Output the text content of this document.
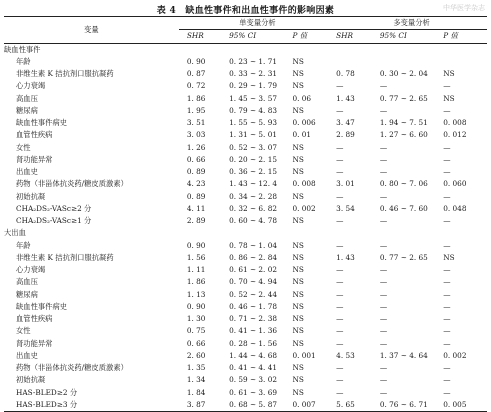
表 4　缺血性事件和出血性事件的影响因素	中华医学杂志
变量	单变量分析			多变量分析		
	SHR	95% CI	P 值	SHR	95% CI	P 值
缺血性事件						
年龄	0. 90	0. 23 ~ 1. 71	NS			
非维生素 K 拮抗剂口服抗凝药	0. 87	0. 33 ~ 2. 31	NS	0. 78	0. 30 ~ 2. 04	NS
心力衰竭	0. 72	0. 29 ~ 1. 79	NS	—	—	—
高血压	1. 86	1. 45 ~ 3. 57	0. 06	1. 43	0. 77 ~ 2. 65	NS
糖尿病	1. 95	0. 79 ~ 4. 83	NS	—	—	—
缺血性事件病史	3. 51	1. 55 ~ 5. 93	0. 006	3. 47	1. 94 ~ 7. 51	0. 008
血管性疾病	3. 03	1. 31 ~ 5. 01	0. 01	2. 89	1. 27 ~ 6. 60	0. 012
女性	1. 26	0. 52 ~ 3. 07	NS	—	—	—
肾功能异常	0. 66	0. 20 ~ 2. 15	NS	—	—	—
出血史	0. 89	0. 36 ~ 2. 15	NS	—	—	—
药物（非甾体抗炎药/糖皮质激素）	4. 23	1. 43 ~ 12. 4	0. 008	3. 01	0. 80 ~ 7. 06	0. 060
初始抗凝	0. 89	0. 34 ~ 2. 28	NS	—	—	—
CHA₂DS₂-VASc≥2 分	4. 11	0. 32 ~ 6. 82	0. 002	3. 54	0. 46 ~ 7. 60	0. 048
CHA₂DS₂-VASc≥1 分	2. 89	0. 60 ~ 4. 78	NS	—	—	—
大出血						
年龄	0. 90	0. 78 ~ 1. 04	NS	—	—	—
非维生素 K 拮抗剂口服抗凝药	1. 56	0. 86 ~ 2. 84	NS	1. 43	0. 77 ~ 2. 65	NS
心力衰竭	1. 11	0. 61 ~ 2. 02	NS	—	—	—
高血压	1. 86	0. 70 ~ 4. 94	NS	—	—	—
糖尿病	1. 13	0. 52 ~ 2. 44	NS	—	—	—
缺血性事件病史	0. 90	0. 46 ~ 1. 78	NS	—	—	—
血管性疾病	1. 30	0. 71 ~ 2. 38	NS	—	—	—
女性	0. 75	0. 41 ~ 1. 36	NS	—	—	—
肾功能异常	0. 66	0. 28 ~ 1. 56	NS	—	—	—
出血史	2. 60	1. 44 ~ 4. 68	0. 001	4. 53	1. 37 ~ 4. 64	0. 002
药物（非甾体抗炎药/糖皮质激素）	1. 35	0. 41 ~ 4. 41	NS	—	—	—
初始抗凝	1. 34	0. 59 ~ 3. 02	NS	—	—	—
HAS-BLED≥2 分	1. 84	0. 61 ~ 3. 69	NS	—	—	—
HAS-BLED≥3 分	3. 87	0. 68 ~ 5. 87	0. 007	5. 65	0. 76 ~ 6. 71	0. 005
